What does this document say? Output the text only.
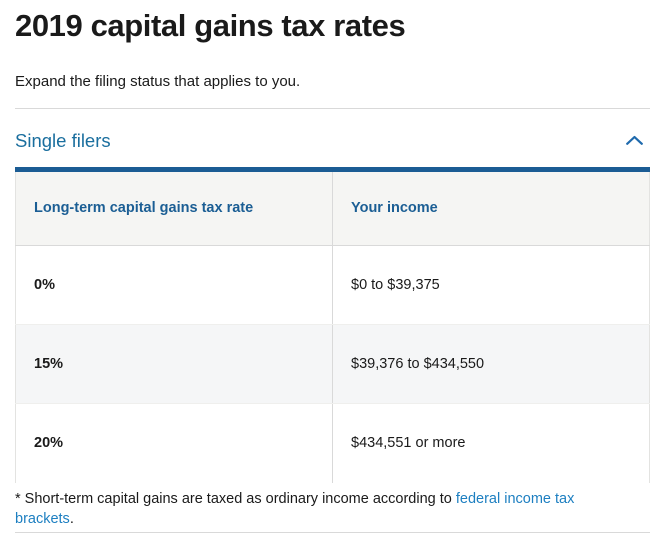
2019 capital gains tax rates

Expand the filing status that applies to you.

Single filers
Long-term capital gains tax rate	Your income
0%	$0 to $39,375
15%	$39,376 to $434,550
20%	$434,551 or more

* Short-term capital gains are taxed as ordinary income according to federal income tax brackets.
